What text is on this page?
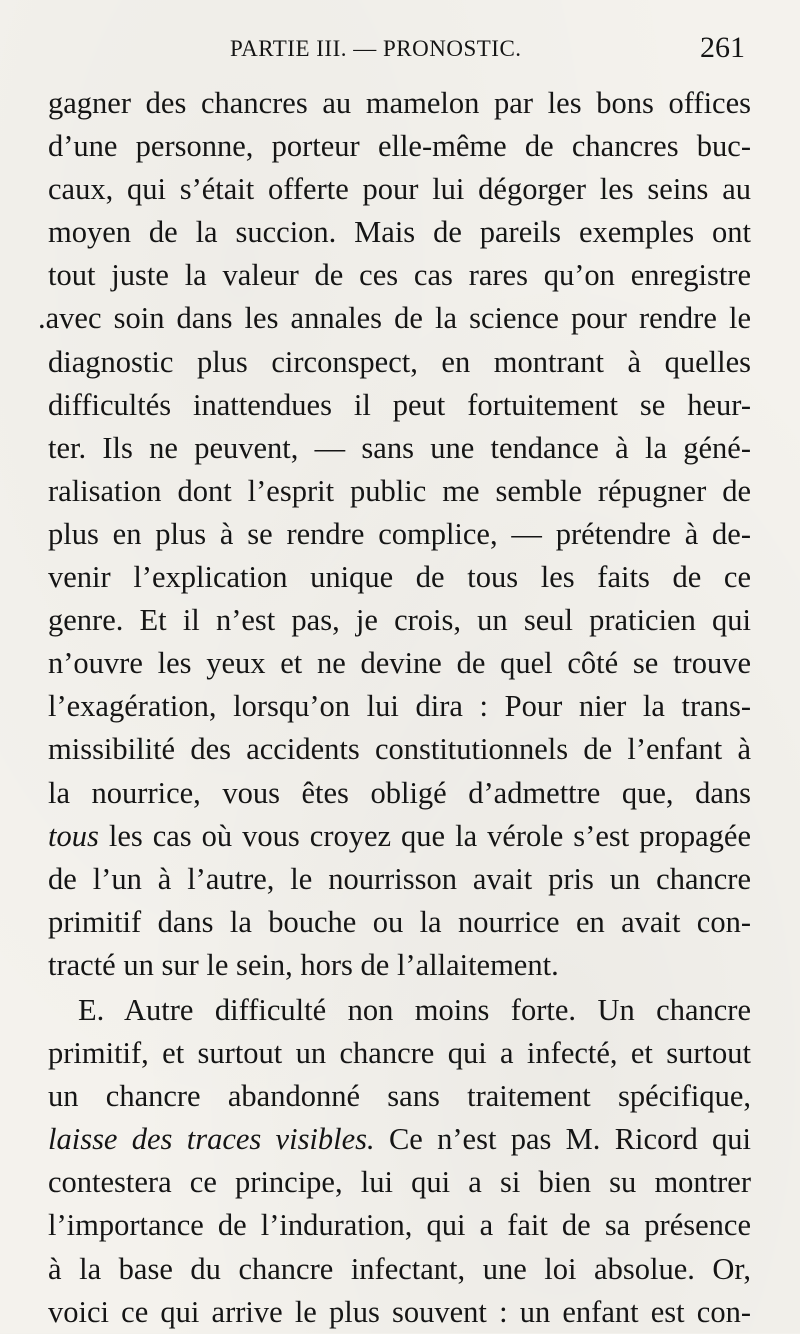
PARTIE III. — PRONOSTIC.	261
gagner des chancres au mamelon par les bons offices
d’une personne, porteur elle-même de chancres buc-
caux, qui s’était offerte pour lui dégorger les seins au
moyen de la succion. Mais de pareils exemples ont
tout juste la valeur de ces cas rares qu’on enregistre
.avec soin dans les annales de la science pour rendre le
diagnostic plus circonspect, en montrant à quelles
difficultés inattendues il peut fortuitement se heur-
ter. Ils ne peuvent, — sans une tendance à la géné-
ralisation dont l’esprit public me semble répugner de
plus en plus à se rendre complice, — prétendre à de-
venir l’explication unique de tous les faits de ce
genre. Et il n’est pas, je crois, un seul praticien qui
n’ouvre les yeux et ne devine de quel côté se trouve
l’exagération, lorsqu’on lui dira : Pour nier la trans-
missibilité des accidents constitutionnels de l’enfant à
la nourrice, vous êtes obligé d’admettre que, dans
tous les cas où vous croyez que la vérole s’est propagée
de l’un à l’autre, le nourrisson avait pris un chancre
primitif dans la bouche ou la nourrice en avait con-
tracté un sur le sein, hors de l’allaitement.
E. Autre difficulté non moins forte. Un chancre
primitif, et surtout un chancre qui a infecté, et surtout
un chancre abandonné sans traitement spécifique,
laisse des traces visibles. Ce n’est pas M. Ricord qui
contestera ce principe, lui qui a si bien su montrer
l’importance de l’induration, qui a fait de sa présence
à la base du chancre infectant, une loi absolue. Or,
voici ce qui arrive le plus souvent : un enfant est con-
